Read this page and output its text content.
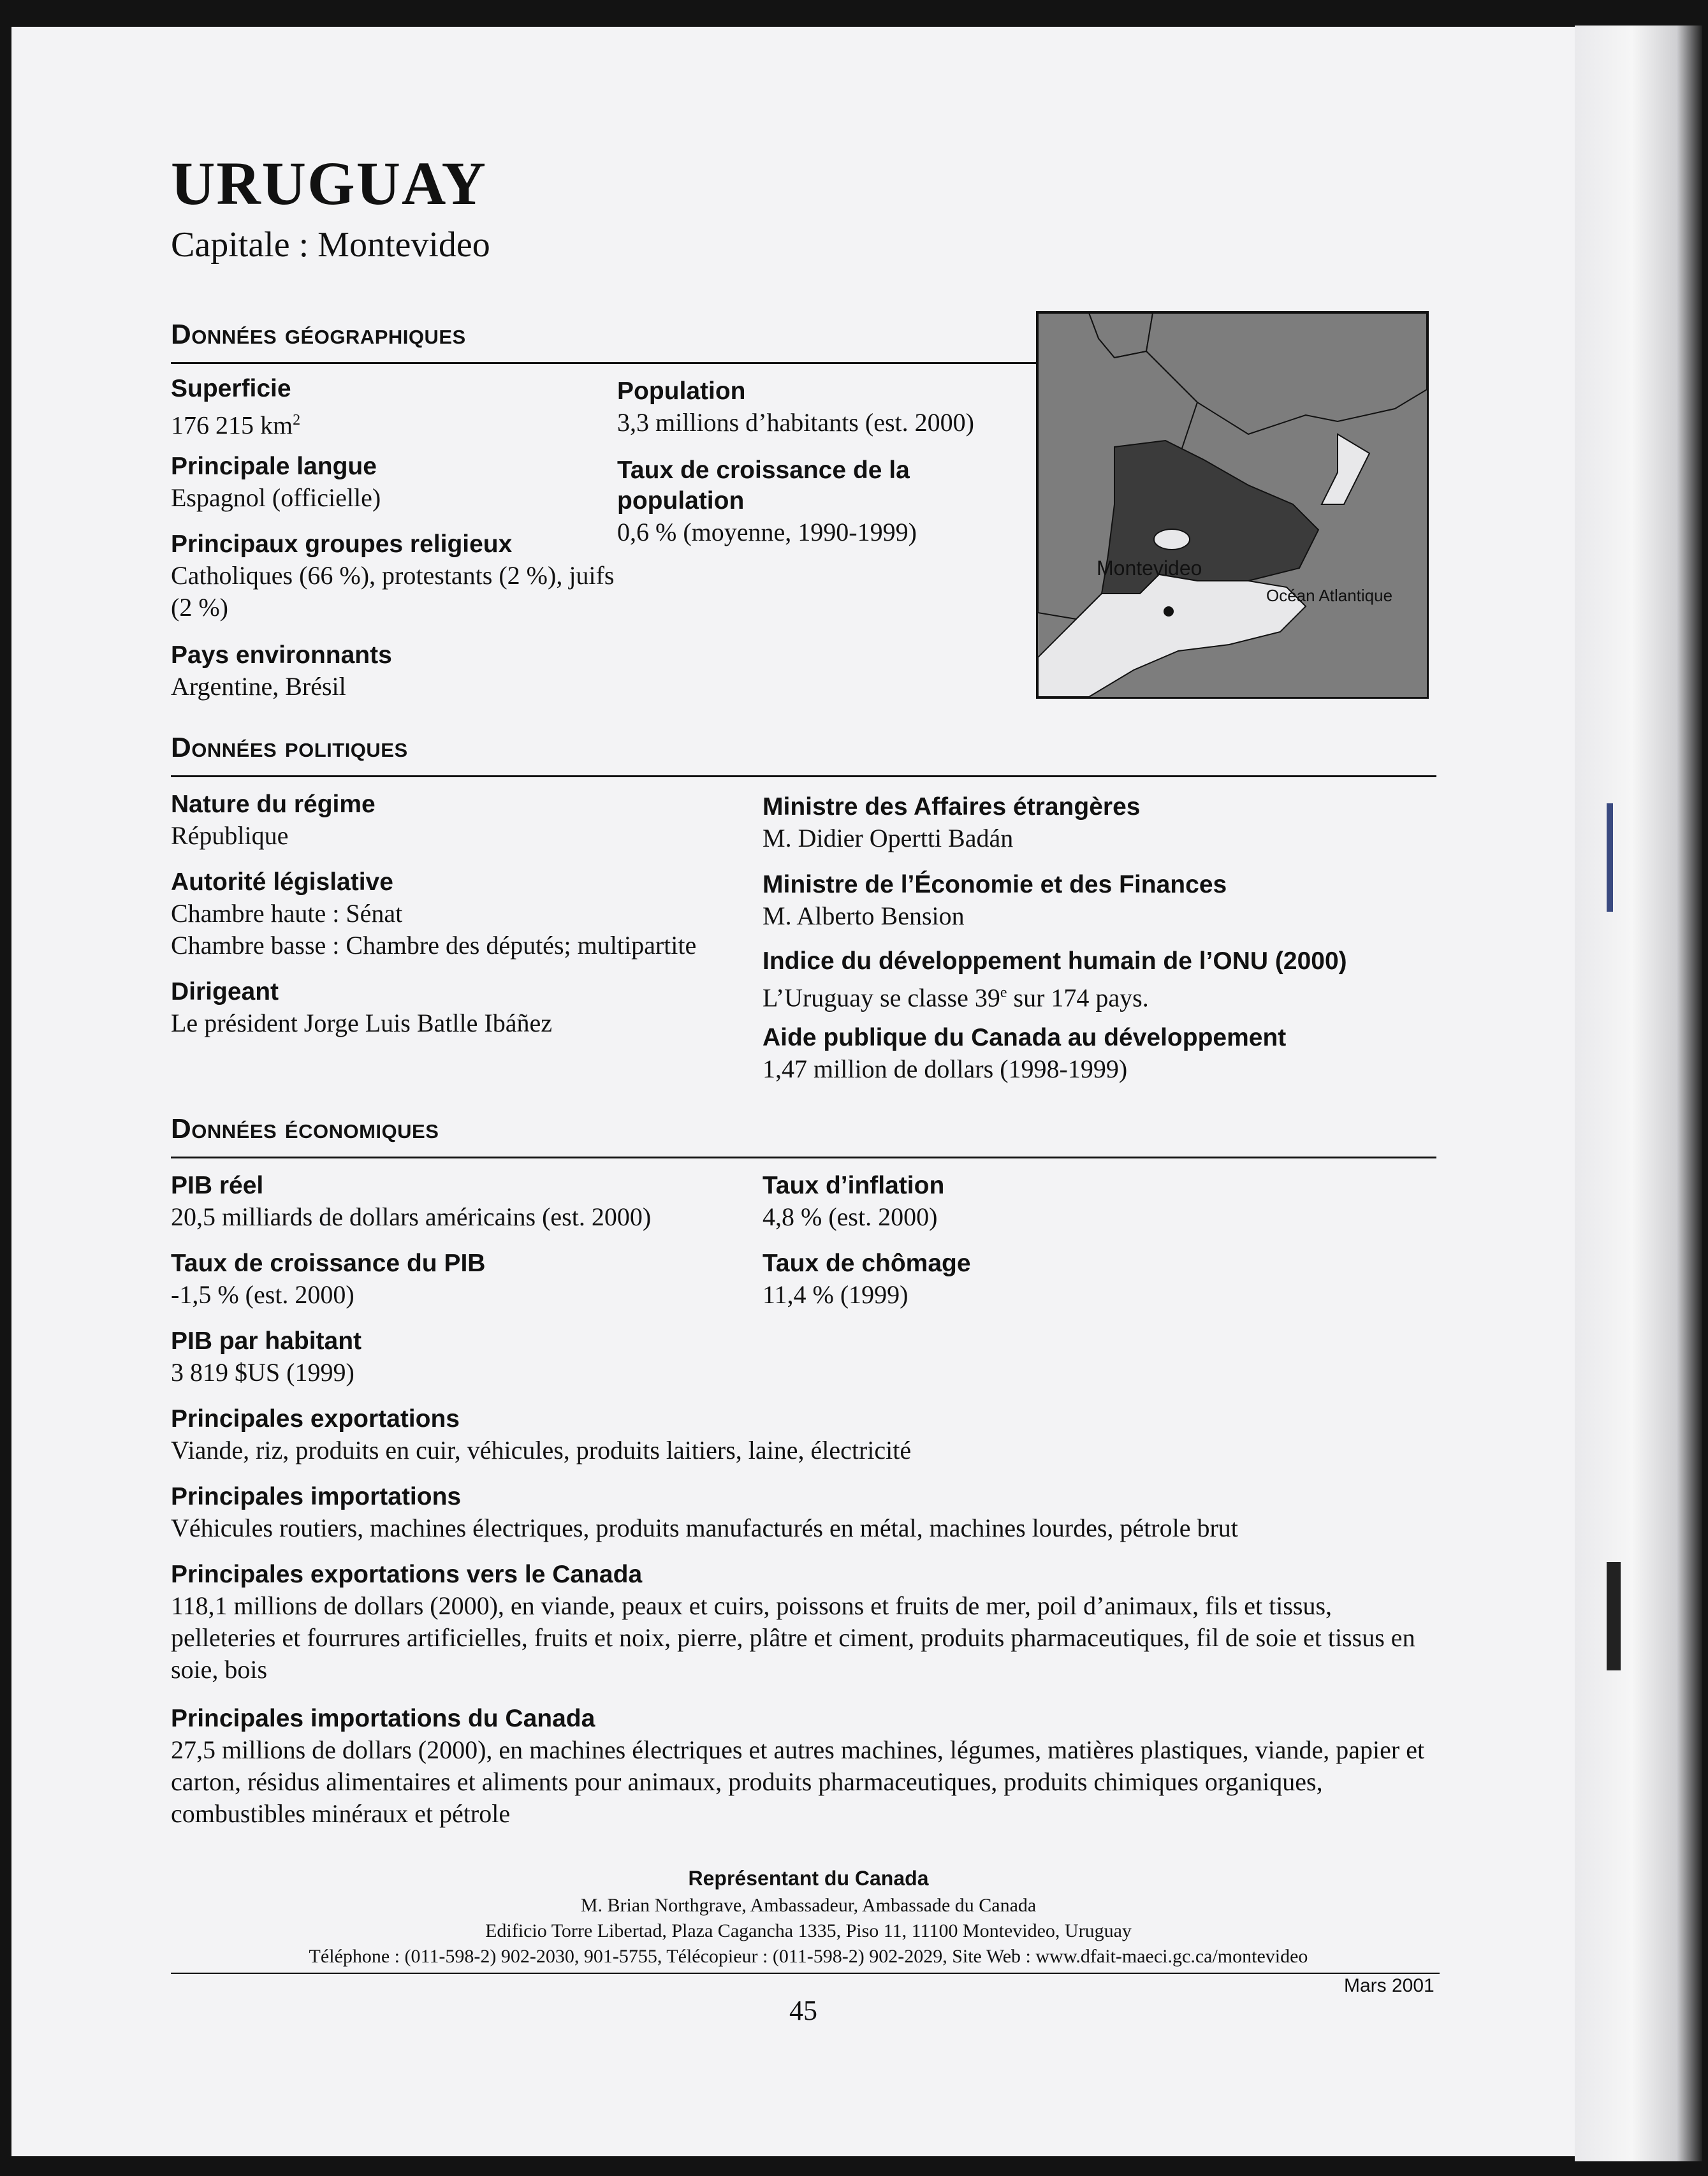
URUGUAY
Capitale : Montevideo
Données géographiques
Superficie
176 215 $km^2$
Principale langue
Espagnol (officielle)
Principaux groupes religieux
Catholiques (66 %), protestants (2 %), juifs (2 %)
Pays environnants
Argentine, Brésil
Population
3,3 millions d’habitants (est. 2000)
Taux de croissance de la population
0,6 % (moyenne, 1990-1999)
Montevideo
Océan Atlantique
Données politiques
Nature du régime
République
Autorité législative
Chambre haute : Sénat
Chambre basse : Chambre des députés; multipartite
Dirigeant
Le président Jorge Luis Batlle Ibáñez
Ministre des Affaires étrangères
M. Didier Opertti Badán
Ministre de l’Économie et des Finances
M. Alberto Bension
Indice du développement humain de l’ONU (2000)
L’Uruguay se classe 39e sur 174 pays.
Aide publique du Canada au développement
1,47 million de dollars (1998-1999)
Données économiques
PIB réel
20,5 milliards de dollars américains (est. 2000)
Taux de croissance du PIB
-1,5 % (est. 2000)
PIB par habitant
3 819 $US (1999)
Taux d’inflation
4,8 % (est. 2000)
Taux de chômage
11,4 % (1999)
Principales exportations
Viande, riz, produits en cuir, véhicules, produits laitiers, laine, électricité
Principales importations
Véhicules routiers, machines électriques, produits manufacturés en métal, machines lourdes, pétrole brut
Principales exportations vers le Canada
118,1 millions de dollars (2000), en viande, peaux et cuirs, poissons et fruits de mer, poil d’animaux, fils et tissus, pelleteries et fourrures artificielles, fruits et noix, pierre, plâtre et ciment, produits pharmaceutiques, fil de soie et tissus en soie, bois
Principales importations du Canada
27,5 millions de dollars (2000), en machines électriques et autres machines, légumes, matières plastiques, viande, papier et carton, résidus alimentaires et aliments pour animaux, produits pharmaceutiques, produits chimiques organiques, combustibles minéraux et pétrole
Représentant du Canada
M. Brian Northgrave, Ambassadeur, Ambassade du Canada
Edificio Torre Libertad, Plaza Cagancha 1335, Piso 11, 11100 Montevideo, Uruguay
Téléphone : (011-598-2) 902-2030, 901-5755, Télécopieur : (011-598-2) 902-2029, Site Web : www.dfait-maeci.gc.ca/montevideo
Mars 2001
45
